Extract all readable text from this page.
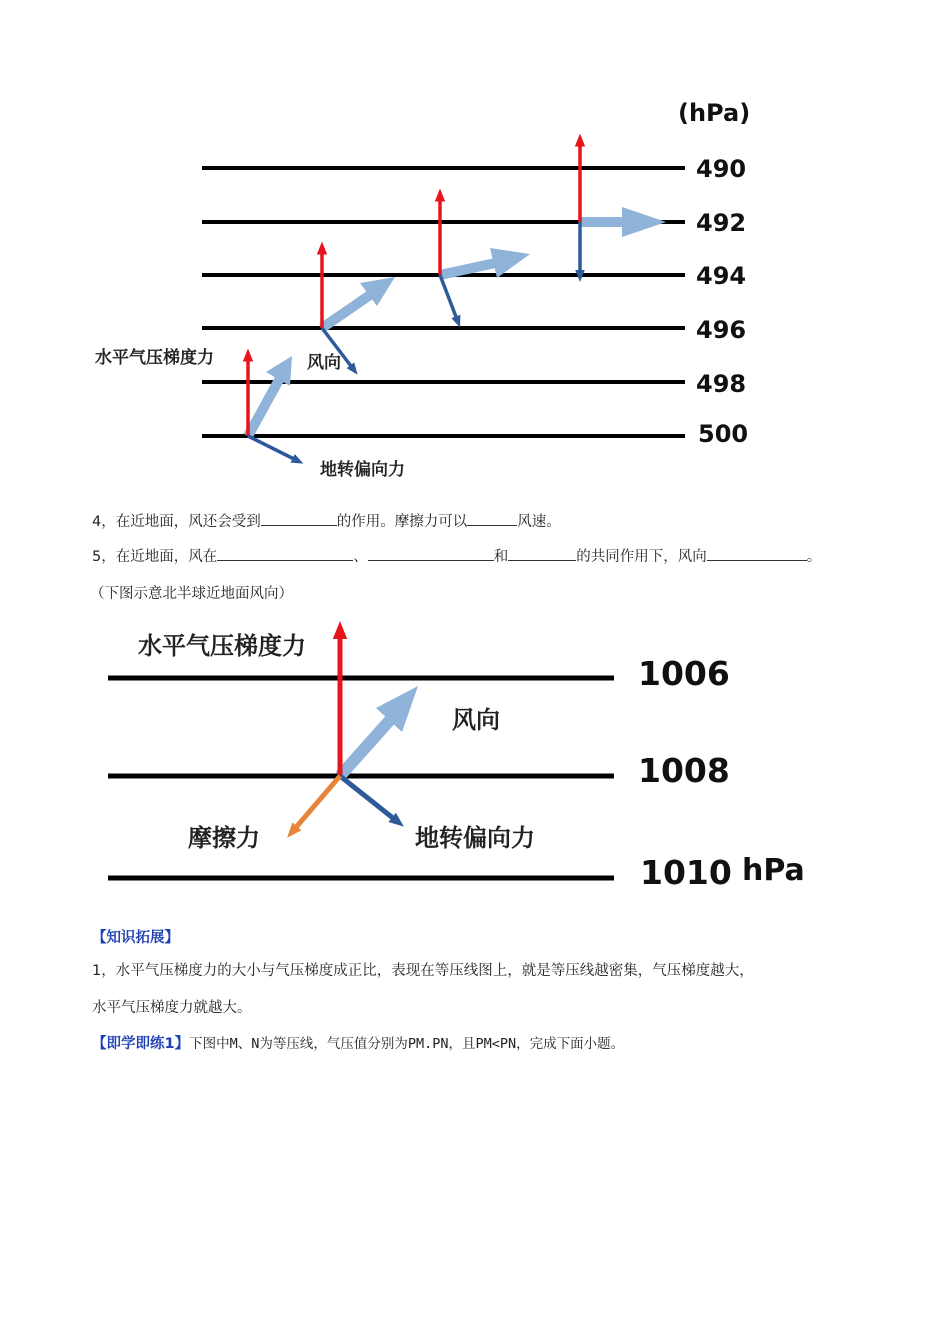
(hPa)
490
492
494
496
498
500
水平气压梯度力	风向
地转偏向力
4，在近地面，风还会受到	的作用。摩擦力可以	风速。
5，在近地面，风在	、	和	的共同作用下，风向	。
（下图示意北半球近地面风向）
水平气压梯度力
风向
摩擦力	地转偏向力
1006
1008
1010 hPa
【知识拓展】
1，水平气压梯度力的大小与气压梯度成正比，表现在等压线图上，就是等压线越密集，气压梯度越大，
水平气压梯度力就越大。
【即学即练1】下图中M、N为等压线，气压值分别为PM.PN，且PM<PN，完成下面小题。
